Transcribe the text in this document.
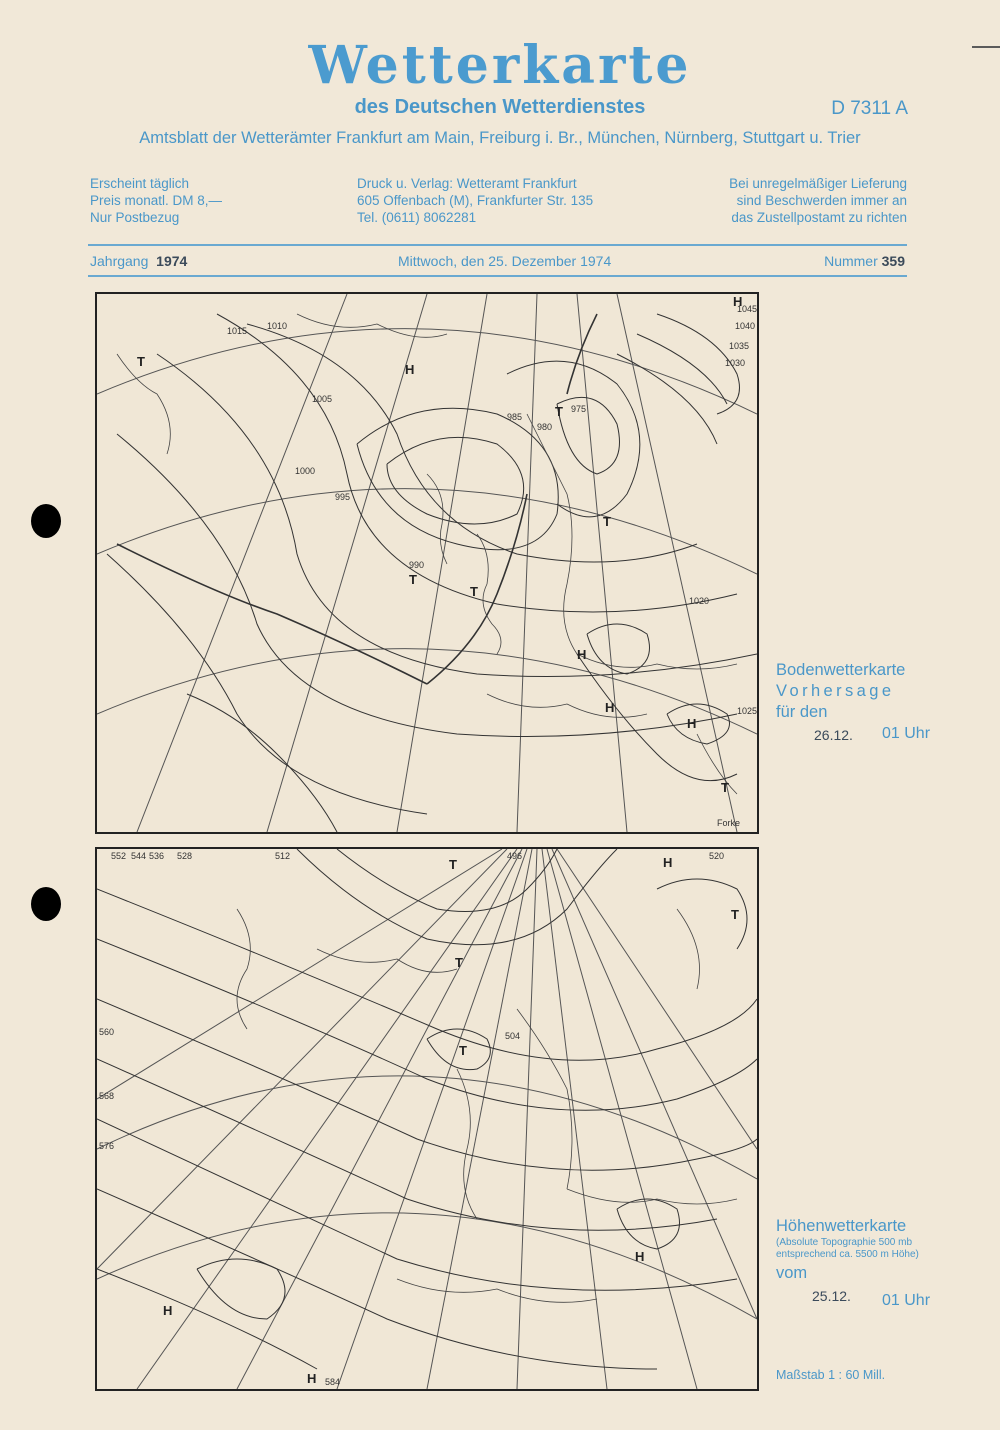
Wetterkarte
des Deutschen Wetterdienstes	D 7311 A
Amtsblatt der Wetterämter Frankfurt am Main, Freiburg i. Br., München, Nürnberg, Stuttgart u. Trier
Erscheint täglich
Preis monatl. DM 8,—
Nur Postbezug
Druck u. Verlag: Wetteramt Frankfurt
605 Offenbach (M), Frankfurter Str. 135
Tel. (0611) 8062281
Bei unregelmäßiger Lieferung
sind Beschwerden immer an
das Zustellpostamt zu richten
Jahrgang 1974	Mittwoch, den 25. Dezember 1974	Nummer 359
1045
1040
1035
1030
1025
1020
1015 1010
1005
1000
995
990
985
980
975
H
H
H
H
H
T
T
T
T
T
T
Forke
Bodenwetterkarte
Vorhersage
für den
26.12. 01 Uhr
552 544 536 528	520
512
504
496
560
568
576
584
T
T
T
T
H
H
H
H
Höhenwetterkarte
(Absolute Topographie 500 mb
entsprechend ca. 5500 m Höhe)
vom
25.12. 01 Uhr
Maßstab 1 : 60 Mill.
